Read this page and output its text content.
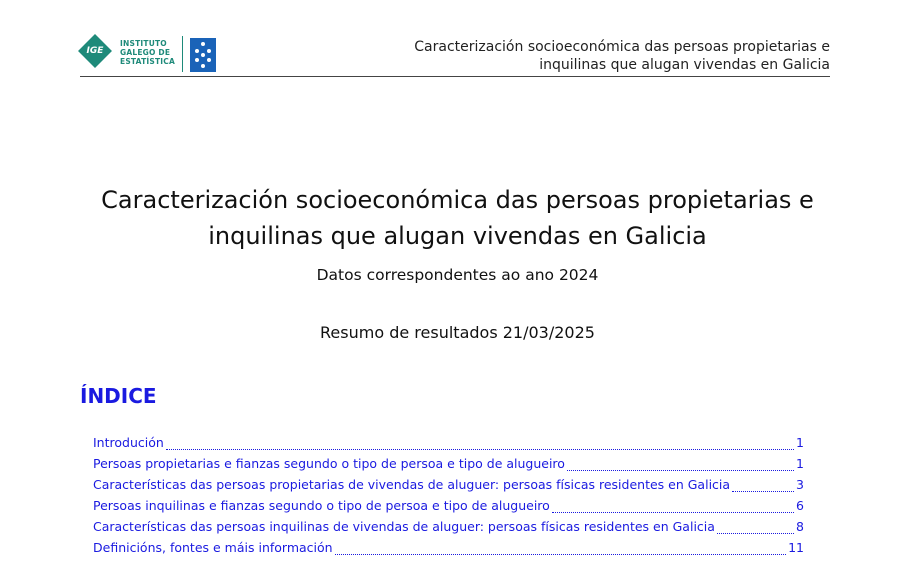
IGE
INSTITUTO
GALEGO DE
ESTATÍSTICA
Caracterización socioeconómica das persoas propietarias e
inquilinas que alugan vivendas en Galicia
Caracterización socioeconómica das persoas propietarias e
inquilinas que alugan vivendas en Galicia
Datos correspondentes ao ano 2024
Resumo de resultados 21/03/2025
ÍNDICE
Introdución	1
Persoas propietarias e fianzas segundo o tipo de persoa e tipo de alugueiro	1
Características das persoas propietarias de vivendas de aluguer: persoas físicas residentes en Galicia	3
Persoas inquilinas e fianzas segundo o tipo de persoa e tipo de alugueiro	6
Características das persoas inquilinas de vivendas de aluguer: persoas físicas residentes en Galicia	8
Definicións, fontes e máis información	11
